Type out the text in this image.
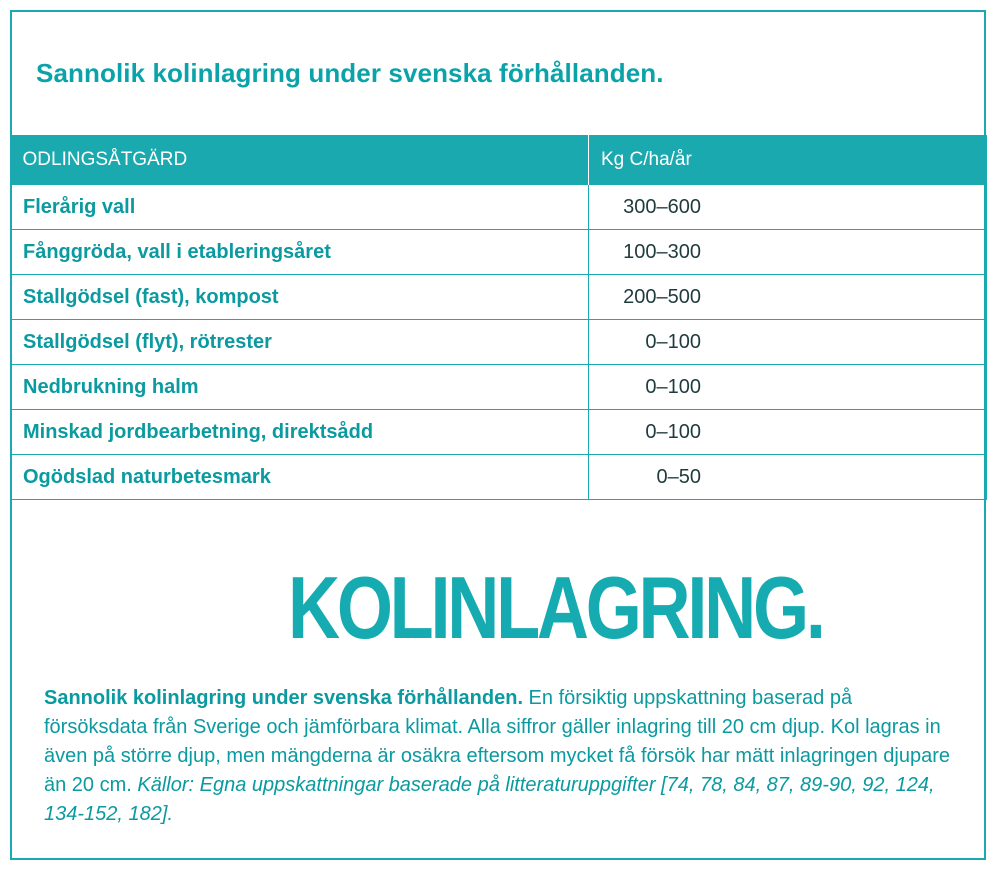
Sannolik kolinlagring under svenska förhållanden.
ODLINGSÅTGÄRD	Kg C/ha/år
Flerårig vall	300–600
Fånggröda, vall i etableringsåret	100–300
Stallgödsel (fast), kompost	200–500
Stallgödsel (flyt), rötrester	0–100
Nedbrukning halm	0–100
Minskad jordbearbetning, direktsådd	0–100
Ogödslad naturbetesmark	0–50
KOLINLAGRING.

Sannolik kolinlagring under svenska förhållanden. En försiktig uppskattning baserad på försöksdata från Sverige och jämförbara klimat. Alla siffror gäller inlagring till 20 cm djup. Kol lagras in även på större djup, men mängderna är osäkra eftersom mycket få försök har mätt inlagringen djupare än 20 cm. Källor: Egna uppskattningar baserade på litteraturuppgifter [74, 78, 84, 87, 89-90, 92, 124, 134-152, 182].
